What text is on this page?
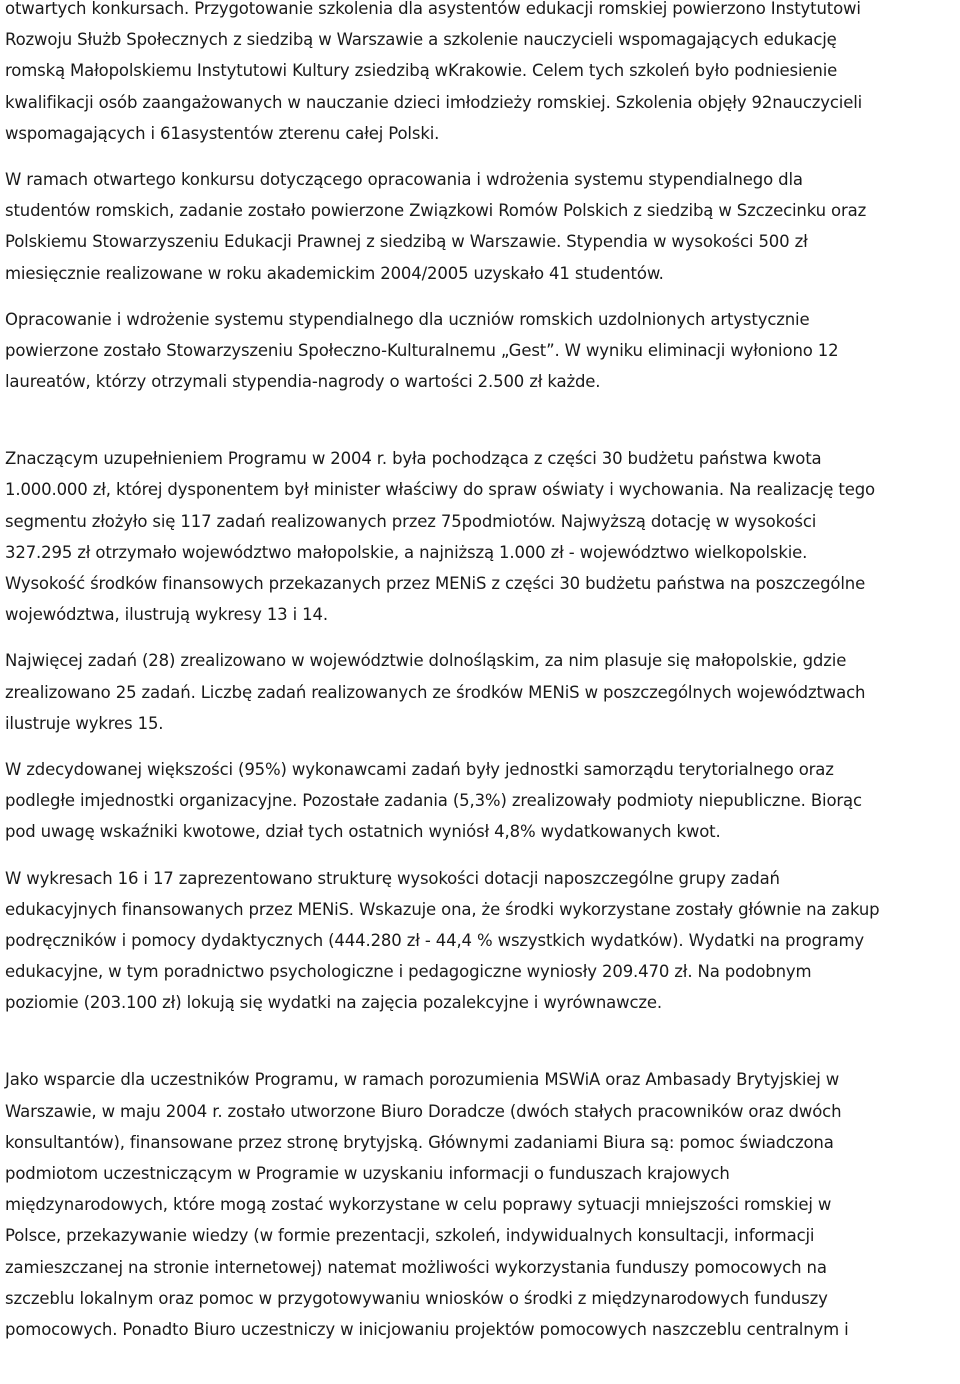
otwartych konkursach. Przygotowanie szkolenia dla asystentów edukacji romskiej powierzono Instytutowi
Rozwoju Służb Społecznych z siedzibą w Warszawie a szkolenie nauczycieli wspomagających edukację
romską Małopolskiemu Instytutowi Kultury zsiedzibą wKrakowie. Celem tych szkoleń było podniesienie
kwalifikacji osób zaangażowanych w nauczanie dzieci imłodzieży romskiej. Szkolenia objęły 92nauczycieli
wspomagających i 61asystentów zterenu całej Polski.

W ramach otwartego konkursu dotyczącego opracowania i wdrożenia systemu stypendialnego dla
studentów romskich, zadanie zostało powierzone Związkowi Romów Polskich z siedzibą w Szczecinku oraz
Polskiemu Stowarzyszeniu Edukacji Prawnej z siedzibą w Warszawie. Stypendia w wysokości 500 zł
miesięcznie realizowane w roku akademickim 2004/2005 uzyskało 41 studentów.

Opracowanie i wdrożenie systemu stypendialnego dla uczniów romskich uzdolnionych artystycznie
powierzone zostało Stowarzyszeniu Społeczno-Kulturalnemu „Gest”. W wyniku eliminacji wyłoniono 12
laureatów, którzy otrzymali stypendia-nagrody o wartości 2.500 zł każde.

Znaczącym uzupełnieniem Programu w 2004 r. była pochodząca z części 30 budżetu państwa kwota
1.000.000 zł, której dysponentem był minister właściwy do spraw oświaty i wychowania. Na realizację tego
segmentu złożyło się 117 zadań realizowanych przez 75podmiotów. Najwyższą dotację w wysokości
327.295 zł otrzymało województwo małopolskie, a najniższą 1.000 zł - województwo wielkopolskie.
Wysokość środków finansowych przekazanych przez MENiS z części 30 budżetu państwa na poszczególne
województwa, ilustrują wykresy 13 i 14.

Najwięcej zadań (28) zrealizowano w województwie dolnośląskim, za nim plasuje się małopolskie, gdzie
zrealizowano 25 zadań. Liczbę zadań realizowanych ze środków MENiS w poszczególnych województwach
ilustruje wykres 15.

W zdecydowanej większości (95%) wykonawcami zadań były jednostki samorządu terytorialnego oraz
podległe imjednostki organizacyjne. Pozostałe zadania (5,3%) zrealizowały podmioty niepubliczne. Biorąc
pod uwagę wskaźniki kwotowe, dział tych ostatnich wyniósł 4,8% wydatkowanych kwot.

W wykresach 16 i 17 zaprezentowano strukturę wysokości dotacji naposzczególne grupy zadań
edukacyjnych finansowanych przez MENiS. Wskazuje ona, że środki wykorzystane zostały głównie na zakup
podręczników i pomocy dydaktycznych (444.280 zł - 44,4 % wszystkich wydatków). Wydatki na programy
edukacyjne, w tym poradnictwo psychologiczne i pedagogiczne wyniosły 209.470 zł. Na podobnym
poziomie (203.100 zł) lokują się wydatki na zajęcia pozalekcyjne i wyrównawcze.

Jako wsparcie dla uczestników Programu, w ramach porozumienia MSWiA oraz Ambasady Brytyjskiej w
Warszawie, w maju 2004 r. zostało utworzone Biuro Doradcze (dwóch stałych pracowników oraz dwóch
konsultantów), finansowane przez stronę brytyjską. Głównymi zadaniami Biura są: pomoc świadczona
podmiotom uczestniczącym w Programie w uzyskaniu informacji o funduszach krajowych
międzynarodowych, które mogą zostać wykorzystane w celu poprawy sytuacji mniejszości romskiej w
Polsce, przekazywanie wiedzy (w formie prezentacji, szkoleń, indywidualnych konsultacji, informacji
zamieszczanej na stronie internetowej) natemat możliwości wykorzystania funduszy pomocowych na
szczeblu lokalnym oraz pomoc w przygotowywaniu wniosków o środki z międzynarodowych funduszy
pomocowych. Ponadto Biuro uczestniczy w inicjowaniu projektów pomocowych naszczeblu centralnym i
